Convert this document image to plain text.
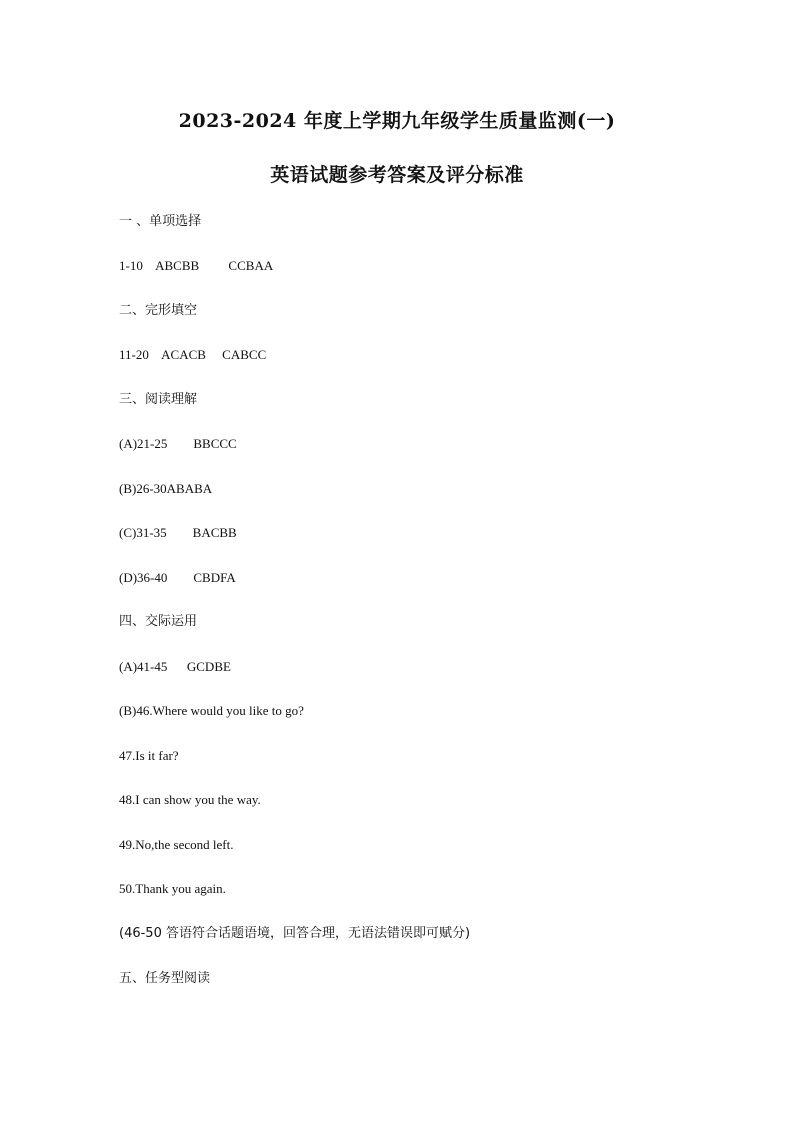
2023-2024 年度上学期九年级学生质量监测(一)
英语试题参考答案及评分标准
一 、单项选择
1-10    ABCBB         CCBAA
二、完形填空
11-20    ACACB     CABCC
三、阅读理解
(A)21-25        BBCCC
(B)26-30ABABA
(C)31-35        BACBB
(D)36-40        CBDFA
四、交际运用
(A)41-45      GCDBE
(B)46.Where would you like to go?
47.Is it far?
48.I can show you the way.
49.No,the second left.
50.Thank you again.
(46-50 答语符合话题语境，回答合理，无语法错误即可赋分)
五、任务型阅读
